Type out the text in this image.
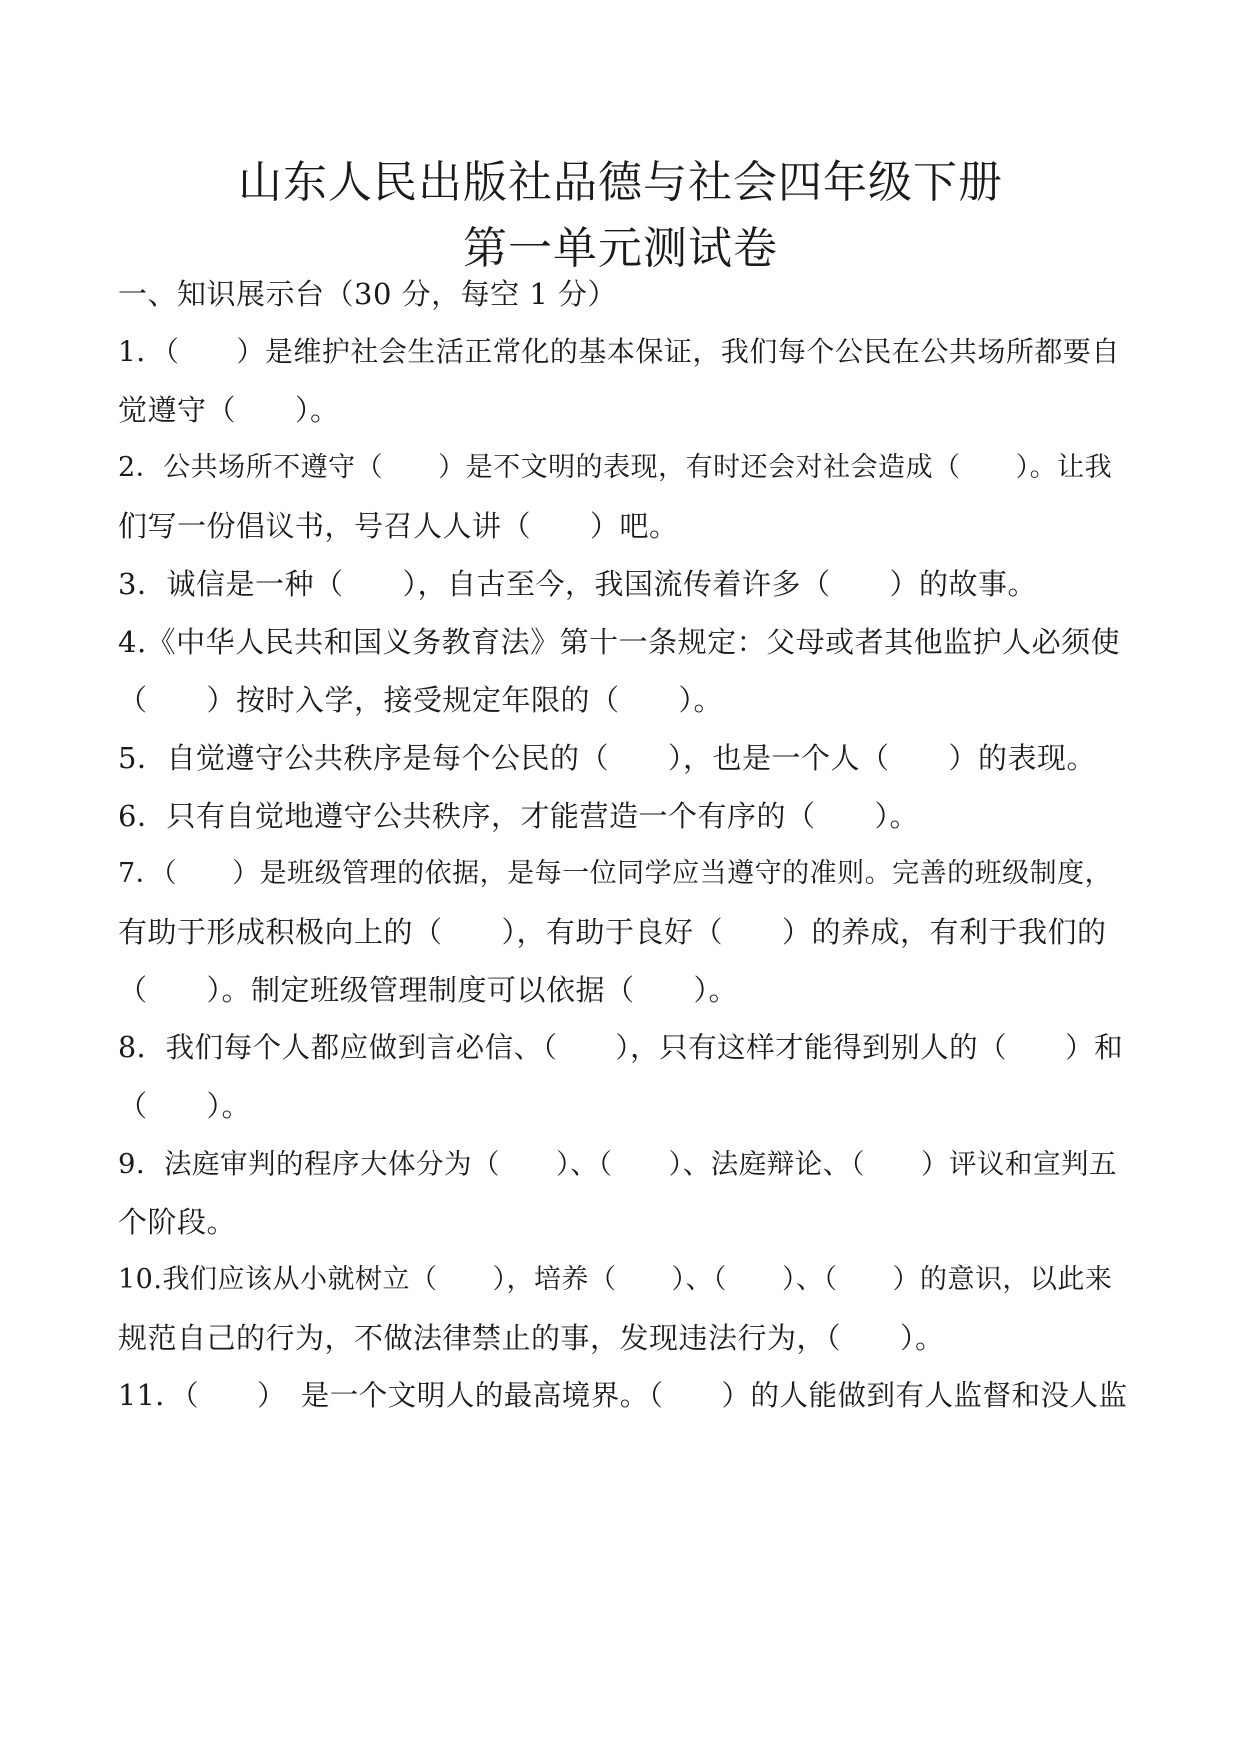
山东人民出版社品德与社会四年级下册
第一单元测试卷
一、知识展示台（30 分，每空 1 分）
1．（　　）是维护社会生活正常化的基本保证，我们每个公民在公共场所都要自
觉遵守（　　）。
2．公共场所不遵守（　　）是不文明的表现，有时还会对社会造成（　　）。让我
们写一份倡议书，号召人人讲（　　）吧。
3．诚信是一种（　　），自古至今，我国流传着许多（　　）的故事。
4.《中华人民共和国义务教育法》第十一条规定：父母或者其他监护人必须使
（　　）按时入学，接受规定年限的（　　）。
5．自觉遵守公共秩序是每个公民的（　　），也是一个人（　　）的表现。
6．只有自觉地遵守公共秩序，才能营造一个有序的（　　）。
7．（　　）是班级管理的依据，是每一位同学应当遵守的准则。完善的班级制度，
有助于形成积极向上的（　　），有助于良好（　　）的养成，有利于我们的
（　　）。制定班级管理制度可以依据（　　）。
8．我们每个人都应做到言必信、（　　），只有这样才能得到别人的（　　）和
（　　）。
9．法庭审判的程序大体分为（　　）、（　　）、法庭辩论、（　　）评议和宣判五
个阶段。
10.我们应该从小就树立（　　），培养（　　）、（　　）、（　　）的意识，以此来
规范自己的行为，不做法律禁止的事，发现违法行为，（　　）。
11．（　　）　是一个文明人的最高境界。（　　）的人能做到有人监督和没人监
